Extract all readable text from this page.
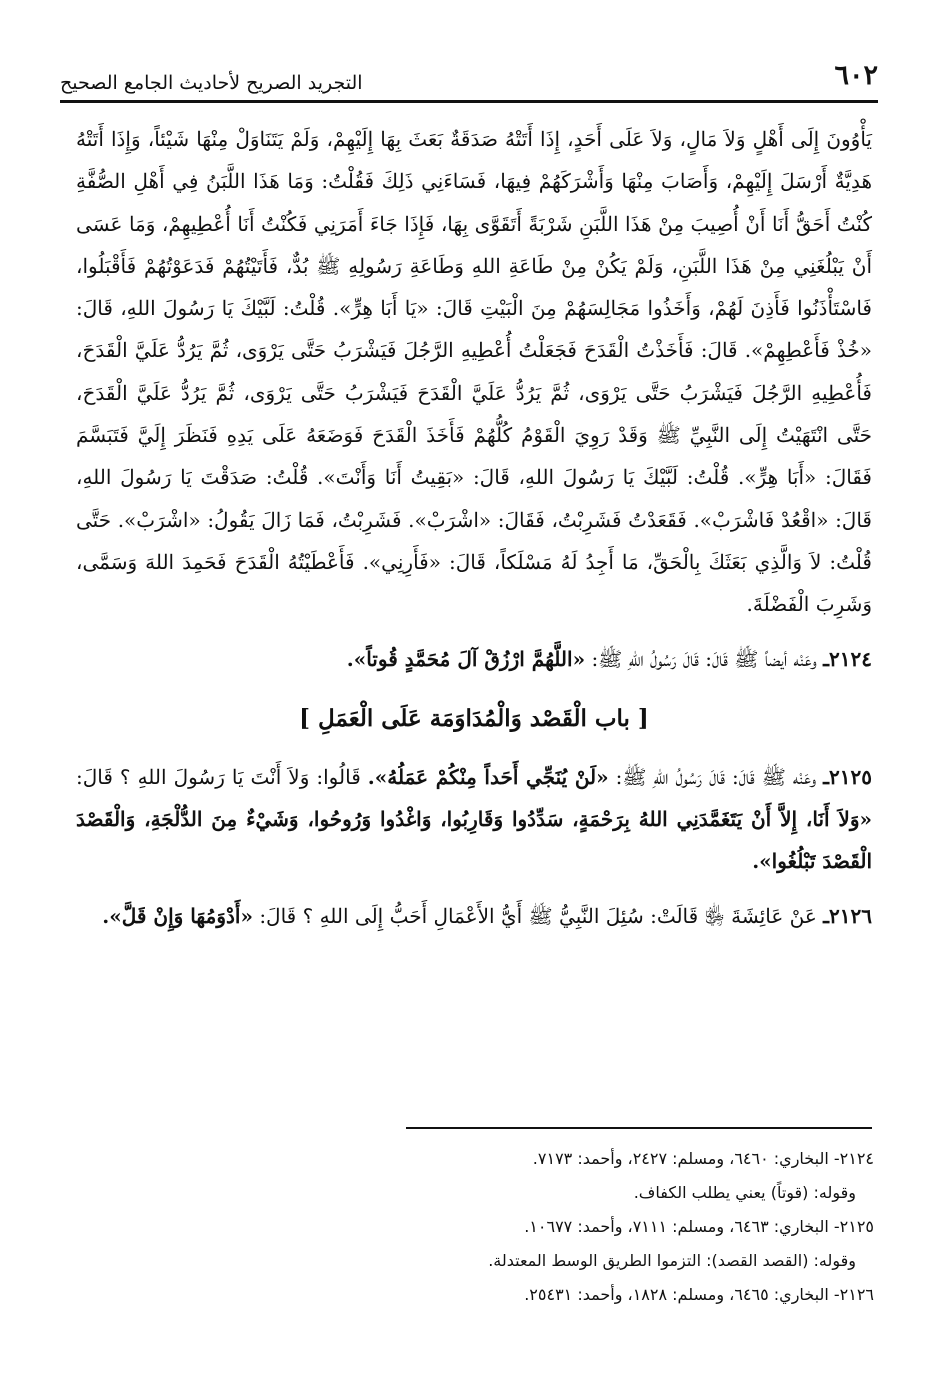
٦٠٢
التجريد الصريح لأحاديث الجامع الصحيح

يَأْوُونَ إِلَى أَهْلٍ وَلاَ مَالٍ، وَلاَ عَلَى أَحَدٍ، إِذَا أَتَتْهُ صَدَقَةٌ بَعَثَ بِهَا إِلَيْهِمْ، وَلَمْ يَتَنَاوَلْ مِنْهَا شَيْئاً، وَإِذَا أَتَتْهُ هَدِيَّةٌ أَرْسَلَ إِلَيْهِمْ، وَأَصَابَ مِنْهَا وَأَشْرَكَهُمْ فِيهَا، فَسَاءَنِي ذَلِكَ فَقُلْتُ: وَمَا هَذَا اللَّبَنُ فِي أَهْلِ الصُّفَّةِ كُنْتُ أَحَقُّ أَنَا أَنْ أُصِيبَ مِنْ هَذَا اللَّبَنِ شَرْبَةً أَتَقَوَّى بِهَا، فَإِذَا جَاءَ أَمَرَنِي فَكُنْتُ أَنَا أُعْطِيهِمْ، وَمَا عَسَى أَنْ يَبْلُغَنِي مِنْ هَذَا اللَّبَنِ، وَلَمْ يَكُنْ مِنْ طَاعَةِ اللهِ وَطَاعَةِ رَسُولِهِ ﷺ بُدٌّ، فَأَتَيْتُهُمْ فَدَعَوْتُهُمْ فَأَقْبَلُوا، فَاسْتَأْذَنُوا فَأَذِنَ لَهُمْ، وَأَخَذُوا مَجَالِسَهُمْ مِنَ الْبَيْتِ قَالَ: «يَا أَبَا هِرٍّ». قُلْتُ: لَبَّيْكَ يَا رَسُولَ اللهِ، قَالَ: «خُذْ فَأَعْطِهِمْ». قَالَ: فَأَخَذْتُ الْقَدَحَ فَجَعَلْتُ أُعْطِيهِ الرَّجُلَ فَيَشْرَبُ حَتَّى يَرْوَى، ثُمَّ يَرُدُّ عَلَيَّ الْقَدَحَ، فَأُعْطِيهِ الرَّجُلَ فَيَشْرَبُ حَتَّى يَرْوَى، ثُمَّ يَرُدُّ عَلَيَّ الْقَدَحَ فَيَشْرَبُ حَتَّى يَرْوَى، ثُمَّ يَرُدُّ عَلَيَّ الْقَدَحَ، حَتَّى انْتَهَيْتُ إِلَى النَّبِيِّ ﷺ وَقَدْ رَوِيَ الْقَوْمُ كُلُّهُمْ فَأَخَذَ الْقَدَحَ فَوَضَعَهُ عَلَى يَدِهِ فَنَظَرَ إِلَيَّ فَتَبَسَّمَ فَقَالَ: «أَبَا هِرٍّ». قُلْتُ: لَبَّيْكَ يَا رَسُولَ اللهِ، قَالَ: «بَقِيتُ أَنَا وَأَنْتَ». قُلْتُ: صَدَقْتَ يَا رَسُولَ اللهِ، قَالَ: «اقْعُدْ فَاشْرَبْ». فَقَعَدْتُ فَشَرِبْتُ، فَقَالَ: «اشْرَبْ». فَشَرِبْتُ، فَمَا زَالَ يَقُولُ: «اشْرَبْ». حَتَّى قُلْتُ: لاَ وَالَّذِي بَعَثَكَ بِالْحَقِّ، مَا أَجِدُ لَهُ مَسْلَكاً، قَالَ: «فَأَرِنِي». فَأَعْطَيْتُهُ الْقَدَحَ فَحَمِدَ اللهَ وَسَمَّى، وَشَرِبَ الْفَضْلَةَ.

٢١٢٤ـ وعَنْه أيضاً ﷺ قَالَ: قَالَ رَسُولُ اللهِ ﷺ: «اللَّهُمَّ ارْزُقْ آلَ مُحَمَّدٍ قُوتاً».

[ باب الْقَصْد وَالْمُدَاوَمَة عَلَى الْعَمَلِ ]

٢١٢٥ـ وعَنْه ﷺ قَالَ: قَالَ رَسُولُ اللهِ ﷺ: «لَنْ يُنَجِّي أَحَداً مِنْكُمْ عَمَلُهُ». قَالُوا: وَلاَ أَنْتَ يَا رَسُولَ اللهِ ؟ قَالَ: «وَلاَ أَنَا، إِلاَّ أَنْ يَتَغَمَّدَنِي اللهُ بِرَحْمَةٍ، سَدِّدُوا وَقَارِبُوا، وَاغْدُوا وَرُوحُوا، وَشَيْءٌ مِنَ الدُّلْجَةِ، وَالْقَصْدَ الْقَصْدَ تَبْلُغُوا».

٢١٢٦ـ عَنْ عَائِشَةَ ﵂ قَالَتْ: سُئِلَ النَّبِيُّ ﷺ أَيُّ الأَعْمَالِ أَحَبُّ إِلَى اللهِ ؟ قَالَ: «أَدْوَمُهَا وَإِنْ قَلَّ».

٢١٢٤- البخاري: ٦٤٦٠، ومسلم: ٢٤٢٧، وأحمد: ٧١٧٣.

وقوله: (قوتاً) يعني يطلب الكفاف.

٢١٢٥- البخاري: ٦٤٦٣، ومسلم: ٧١١١، وأحمد: ١٠٦٧٧.

وقوله: (القصد القصد): التزموا الطريق الوسط المعتدلة.

٢١٢٦- البخاري: ٦٤٦٥، ومسلم: ١٨٢٨، وأحمد: ٢٥٤٣١.
